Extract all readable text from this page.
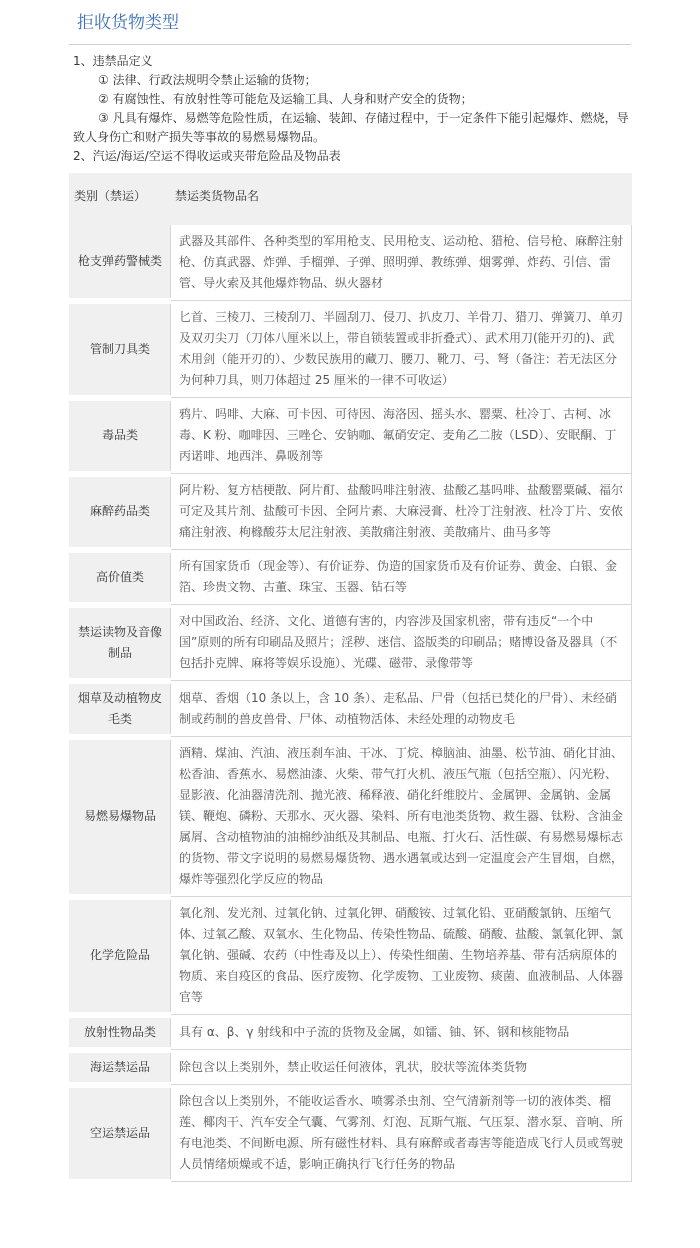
拒收货物类型

1、违禁品定义

① 法律、行政法规明令禁止运输的货物；

② 有腐蚀性、有放射性等可能危及运输工具、人身和财产安全的货物；

③ 凡具有爆炸、易燃等危险性质，在运输、装卸、存储过程中，于一定条件下能引起爆炸、燃烧，导致人身伤亡和财产损失等事故的易燃易爆物品。

2、汽运/海运/空运不得收运或夹带危险品及物品表

类别（禁运）	禁运类货物品名
枪支弹药警械类	武器及其部件、各种类型的军用枪支、民用枪支、运动枪、猎枪、信号枪、麻醉注射枪、仿真武器、炸弹、手榴弹、子弹、照明弹、教练弹、烟雾弹、炸药、引信、雷管、导火索及其他爆炸物品、纵火器材
管制刀具类	匕首、三棱刀、三棱刮刀、半圆刮刀、侵刀、扒皮刀、羊骨刀、猎刀、弹簧刀、单刃及双刃尖刀（刀体八厘米以上，带自锁装置或非折叠式）、武术用刀(能开刃的)、武术用剑（能开刃的）、少数民族用的藏刀、腰刀、靴刀、弓、弩（备注：若无法区分为何种刀具，则刀体超过 25 厘米的一律不可收运）
毒品类	鸦片、吗啡、大麻、可卡因、可待因、海洛因、摇头水、罂粟、杜冷丁、古柯、冰毒、K 粉、咖啡因、三唑仑、安钠咖、氟硝安定、麦角乙二胺（LSD）、安眠酮、丁丙诺啡、地西泮、鼻吸剂等
麻醉药品类	阿片粉、复方桔梗散、阿片酊、盐酸吗啡注射液、盐酸乙基吗啡、盐酸罂粟碱、福尔可定及其片剂、盐酸可卡因、全阿片素、大麻浸膏、杜冷丁注射液、杜冷丁片、安侬痛注射液、枸橼酸芬太尼注射液、美散痛注射液、美散痛片、曲马多等
高价值类	所有国家货币（现金等）、有价证券、伪造的国家货币及有价证券、黄金、白银、金箔、珍贵文物、古董、珠宝、玉器、钻石等
禁运读物及音像制品	对中国政治、经济、文化、道德有害的，内容涉及国家机密，带有违反“一个中国”原则的所有印刷品及照片；淫秽、迷信、盗版类的印刷品；赌博设备及器具（不包括扑克牌、麻将等娱乐设施）、光碟、磁带、录像带等
烟草及动植物皮毛类	烟草、香烟（10 条以上，含 10 条）、走私品、尸骨（包括已焚化的尸骨）、未经硝制或药制的兽皮兽骨、尸体、动植物活体、未经处理的动物皮毛
易燃易爆物品	酒精、煤油、汽油、液压刹车油、干冰、丁烷、樟脑油、油墨、松节油、硝化甘油、松香油、香蕉水、易燃油漆、火柴、带气打火机、液压气瓶（包括空瓶）、闪光粉、显影液、化油器清洗剂、抛光液、稀释液、硝化纤维胶片、金属钾、金属钠、金属镁、鞭炮、磷粉、天那水、灭火器、染料、所有电池类货物、救生器、钛粉、含油金属屑、含动植物油的油棉纱油纸及其制品、电瓶、打火石、活性碳、有易燃易爆标志的货物、带文字说明的易燃易爆货物、遇水遇氧或达到一定温度会产生冒烟，自燃，爆炸等强烈化学反应的物品
化学危险品	氧化剂、发光剂、过氧化钠、过氧化钾、硝酸铵、过氧化铅、亚硝酸氯钠、压缩气体、过氧乙酸、双氧水、生化物品、传染性物品、硫酸、硝酸、盐酸、氯氧化钾、氯氧化钠、强碱、农药（中性毒及以上）、传染性细菌、生物培养基、带有活病原体的物质、来自疫区的食品、医疗废物、化学废物、工业废物、痰菌、血液制品、人体器官等
放射性物品类	具有 α、β、γ 射线和中子流的货物及金属，如镭、铀、钚、钢和核能物品
海运禁运品	除包含以上类别外，禁止收运任何液体，乳状，胶状等流体类货物
空运禁运品	除包含以上类别外，不能收运香水、喷雾杀虫剂、空气清新剂等一切的液体类、榴莲、椰肉干、汽车安全气囊、气雾剂、灯泡、瓦斯气瓶、气压泵、潜水泵、音响、所有电池类、不间断电源、所有磁性材料、具有麻醉或者毒害等能造成飞行人员或驾驶人员情绪烦燥或不适，影响正确执行飞行任务的物品
